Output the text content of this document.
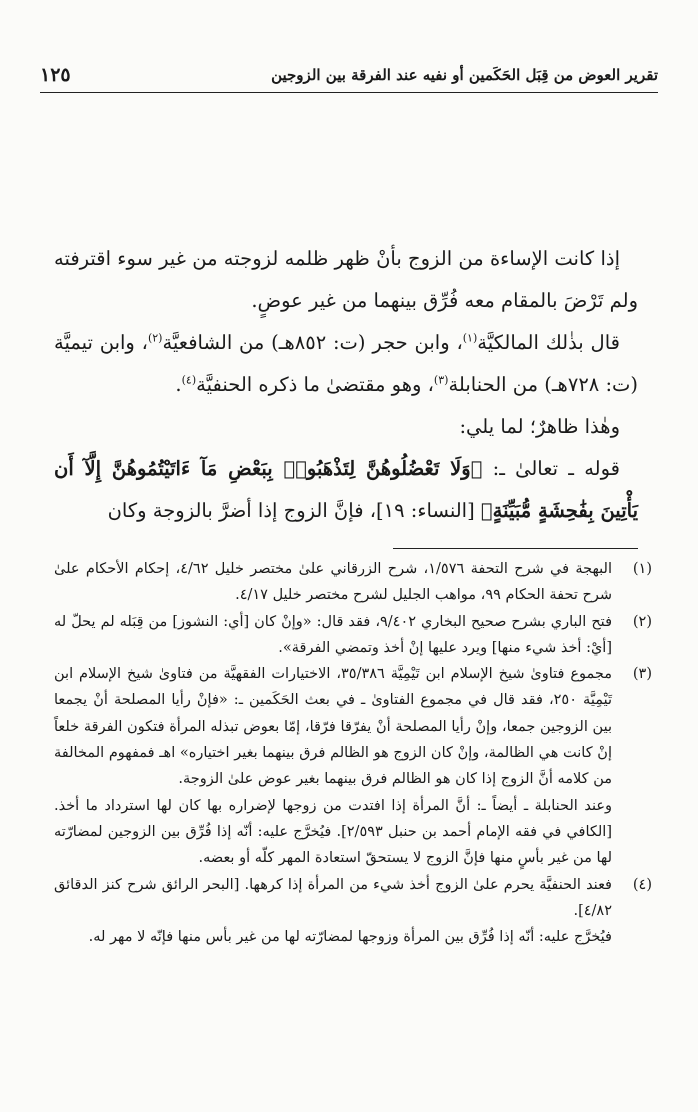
تقرير العوض من قِبَل الحَكَمين أو نفيه عند الفرقة بين الزوجين
١٢٥

إذا كانت الإساءة من الزوج بأنْ ظهر ظلمه لزوجته من غير سوء اقترفته ولم تَرْضَ بالمقام معه فُرِّق بينهما من غير عوضٍ.

قال بذٰلك المالكيَّة$^{(١)}$، وابن حجر (ت: ٨٥٢هـ) من الشافعيَّة$^{(٢)}$، وابن تيميَّة (ت: ٧٢٨هـ) من الحنابلة$^{(٣)}$، وهو مقتضىٰ ما ذكره الحنفيَّة$^{(٤)}$.

وهٰذا ظاهرٌ؛ لما يلي:

قوله ـ تعالىٰ ـ: ﴿وَلَا تَعْضُلُوهُنَّ لِتَذْهَبُوا۟ بِبَعْضِ مَآ ءَاتَيْتُمُوهُنَّ إِلَّآ أَن يَأْتِينَ بِفَٰحِشَةٍ مُّبَيِّنَةٍ﴾ [النساء: ١٩]، فإنَّ الزوج إذا أضرَّ بالزوجة وكان

(١)
البهجة في شرح التحفة ١/٥٧٦، شرح الزرقاني علىٰ مختصر خليل ٤/٦٢، إحكام الأحكام علىٰ شرح تحفة الحكام ٩٩، مواهب الجليل لشرح مختصر خليل ٤/١٧.
(٢)
فتح الباري بشرح صحيح البخاري ٩/٤٠٢، فقد قال: «وإنْ كان [أي: النشوز] من قِبَله لم يحلّ له [أيْ: أخذ شيء منها] ويرد عليها إنْ أخذ وتمضي الفرقة».
(٣)
مجموع فتاوىٰ شيخ الإسلام ابن تَيْمِيَّة ٣٥/٣٨٦، الاختيارات الفقهيَّة من فتاوىٰ شيخ الإسلام ابن تَيْمِيَّة ٢٥٠، فقد قال في مجموع الفتاوىٰ ـ في بعث الحَكَمين ـ: «فإنْ رأيا المصلحة أنْ يجمعا بين الزوجين جمعا، وإنْ رأيا المصلحة أنْ يفرّقا فرّقا، إمّا بعوض تبذله المرأة فتكون الفرقة خلعاً إنْ كانت هي الظالمة، وإنْ كان الزوج هو الظالم فرق بينهما بغير اختياره» اهـ فمفهوم المخالفة من كلامه أنَّ الزوج إذا كان هو الظالم فرق بينهما بغير عوض علىٰ الزوجة.

وعند الحنابلة ـ أيضاً ـ: أنَّ المرأة إذا افتدت من زوجها لإضراره بها كان لها استرداد ما أخذ. [الكافي في فقه الإمام أحمد بن حنبل ٢/٥٩٣]. فيُخرَّج عليه: أنّه إذا فُرِّق بين الزوجين لمضارّته لها من غير بأسٍ منها فإنَّ الزوج لا يستحقّ استعادة المهر كلّه أو بعضه.

(٤)
فعند الحنفيَّة يحرم علىٰ الزوج أخذ شيء من المرأة إذا كرهها. [البحر الرائق شرح كنز الدقائق ٤/٨٢].

فيُخرَّج عليه: أنّه إذا فُرِّق بين المرأة وزوجها لمضارّته لها من غير بأس منها فإنّه لا مهر له.
